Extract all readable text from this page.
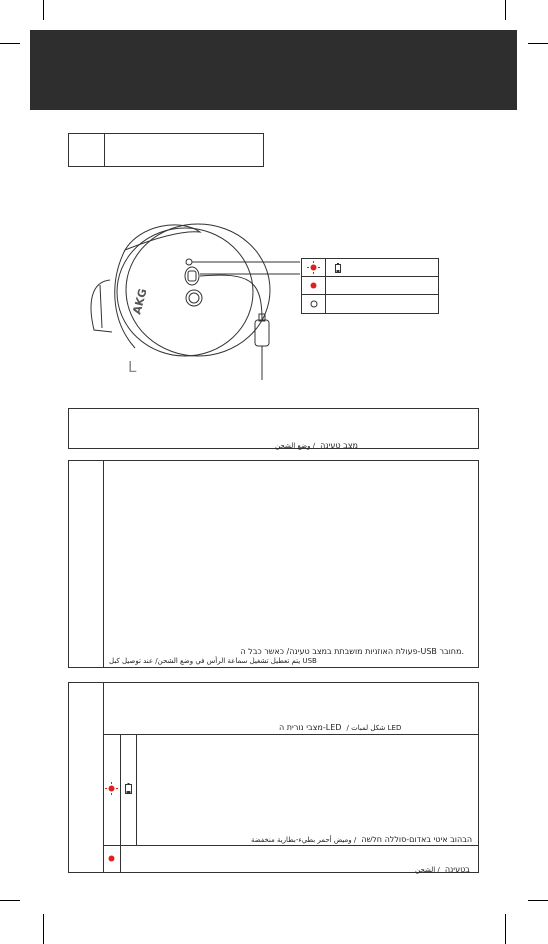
AKG
L
מצב טעינה / وضع الشحن
פעולת האוזניות מושבתת במצב טעינה/ כאשר כבל ה-USB מחובר.
يتم تعطيل تشغيل سماعة الرأس في وضع الشحن/ عند توصيل كبل USB
מצבי נורית ה-LED / شكل لمبات LED
הבהוב איטי באדום-סוללה חלשה / وميض أحمر بطيء-بطارية منخفضة
בטעינה / الشحن
